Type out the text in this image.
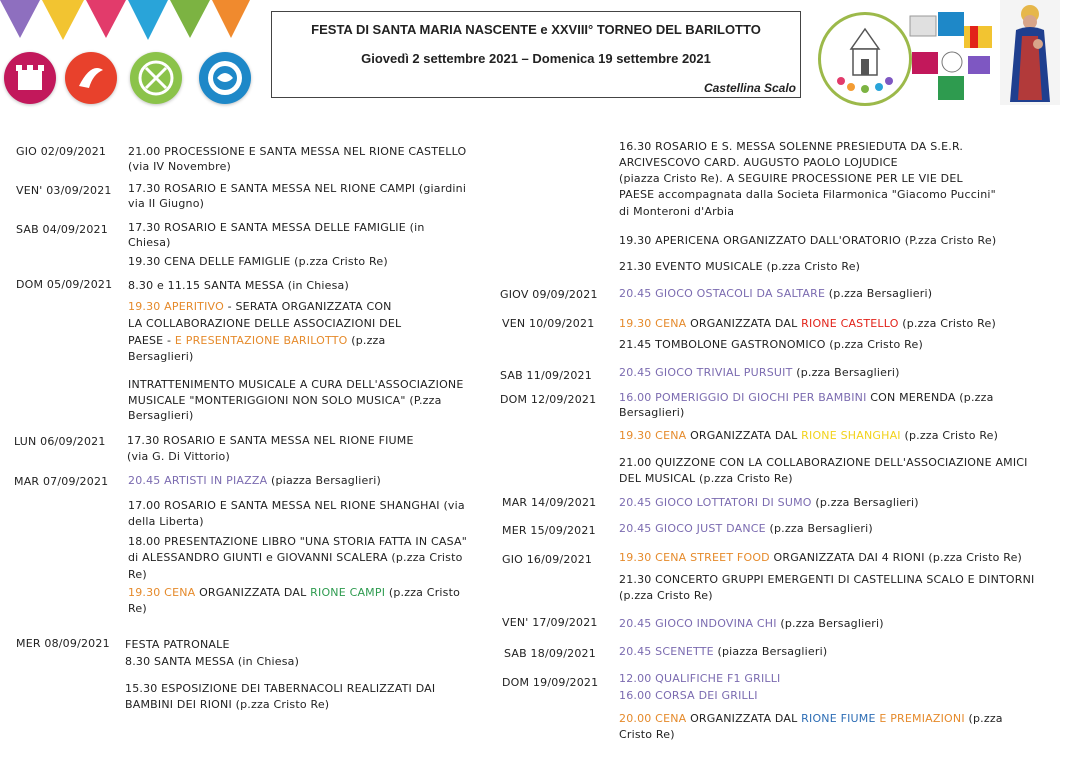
FESTA DI SANTA MARIA NASCENTE e XXVIII° TORNEO DEL BARILOTTO
Giovedì 2 settembre 2021 – Domenica 19 settembre 2021
Castellina Scalo
GIO 02/09/2021 21.00 PROCESSIONE E SANTA MESSA NEL RIONE CASTELLO
(via IV Novembre)
VEN' 03/09/2021 17.30 ROSARIO E SANTA MESSA NEL RIONE CAMPI (giardini
via II Giugno)
SAB 04/09/2021 17.30 ROSARIO E SANTA MESSA DELLE FAMIGLIE (in
Chiesa)
19.30 CENA DELLE FAMIGLIE (p.zza Cristo Re)
DOM 05/09/2021 8.30 e 11.15 SANTA MESSA (in Chiesa)
19.30 APERITIVO - SERATA ORGANIZZATA CON
LA COLLABORAZIONE DELLE ASSOCIAZIONI DEL
PAESE - E PRESENTAZIONE BARILOTTO (p.zza
Bersaglieri)
INTRATTENIMENTO MUSICALE A CURA DELL'ASSOCIAZIONE
MUSICALE "MONTERIGGIONI NON SOLO MUSICA" (P.zza
Bersaglieri)
LUN 06/09/2021 17.30 ROSARIO E SANTA MESSA NEL RIONE FIUME
(via G. Di Vittorio)
MAR 07/09/2021 20.45 ARTISTI IN PIAZZA (piazza Bersaglieri)
17.00 ROSARIO E SANTA MESSA NEL RIONE SHANGHAI (via
della Liberta)
18.00 PRESENTAZIONE LIBRO "UNA STORIA FATTA IN CASA"
di ALESSANDRO GIUNTI e GIOVANNI SCALERA (p.zza Cristo
Re)
19.30 CENA ORGANIZZATA DAL RIONE CAMPI (p.zza Cristo
Re)
MER 08/09/2021 FESTA PATRONALE
8.30 SANTA MESSA (in Chiesa)
15.30 ESPOSIZIONE DEI TABERNACOLI REALIZZATI DAI
BAMBINI DEI RIONI (p.zza Cristo Re)
16.30 ROSARIO E S. MESSA SOLENNE PRESIEDUTA DA S.E.R.
ARCIVESCOVO CARD. AUGUSTO PAOLO LOJUDICE
(piazza Cristo Re). A SEGUIRE PROCESSIONE PER LE VIE DEL
PAESE accompagnata dalla Societa Filarmonica "Giacomo Puccini"
di Monteroni d'Arbia
19.30 APERICENA ORGANIZZATO DALL'ORATORIO (P.zza Cristo Re)
21.30 EVENTO MUSICALE (p.zza Cristo Re)
GIOV 09/09/2021 20.45 GIOCO OSTACOLI DA SALTARE (p.zza Bersaglieri)
VEN 10/09/2021 19.30 CENA ORGANIZZATA DAL RIONE CASTELLO (p.zza Cristo Re)
21.45 TOMBOLONE GASTRONOMICO (p.zza Cristo Re)
SAB 11/09/2021 20.45 GIOCO TRIVIAL PURSUIT (p.zza Bersaglieri)
DOM 12/09/2021 16.00 POMERIGGIO DI GIOCHI PER BAMBINI CON MERENDA (p.zza
Bersaglieri)
19.30 CENA ORGANIZZATA DAL RIONE SHANGHAI (p.zza Cristo Re)
21.00 QUIZZONE CON LA COLLABORAZIONE DELL'ASSOCIAZIONE AMICI
DEL MUSICAL (p.zza Cristo Re)
MAR 14/09/2021 20.45 GIOCO LOTTATORI DI SUMO (p.zza Bersaglieri)
MER 15/09/2021 20.45 GIOCO JUST DANCE (p.zza Bersaglieri)
GIO 16/09/2021 19.30 CENA STREET FOOD ORGANIZZATA DAI 4 RIONI (p.zza Cristo Re)
21.30 CONCERTO GRUPPI EMERGENTI DI CASTELLINA SCALO E DINTORNI
(p.zza Cristo Re)
VEN' 17/09/2021 20.45 GIOCO INDOVINA CHI (p.zza Bersaglieri)
SAB 18/09/2021 20.45 SCENETTE (piazza Bersaglieri)
DOM 19/09/2021 12.00 QUALIFICHE F1 GRILLI
16.00 CORSA DEI GRILLI
20.00 CENA ORGANIZZATA DAL RIONE FIUME E PREMIAZIONI (p.zza
Cristo Re)
